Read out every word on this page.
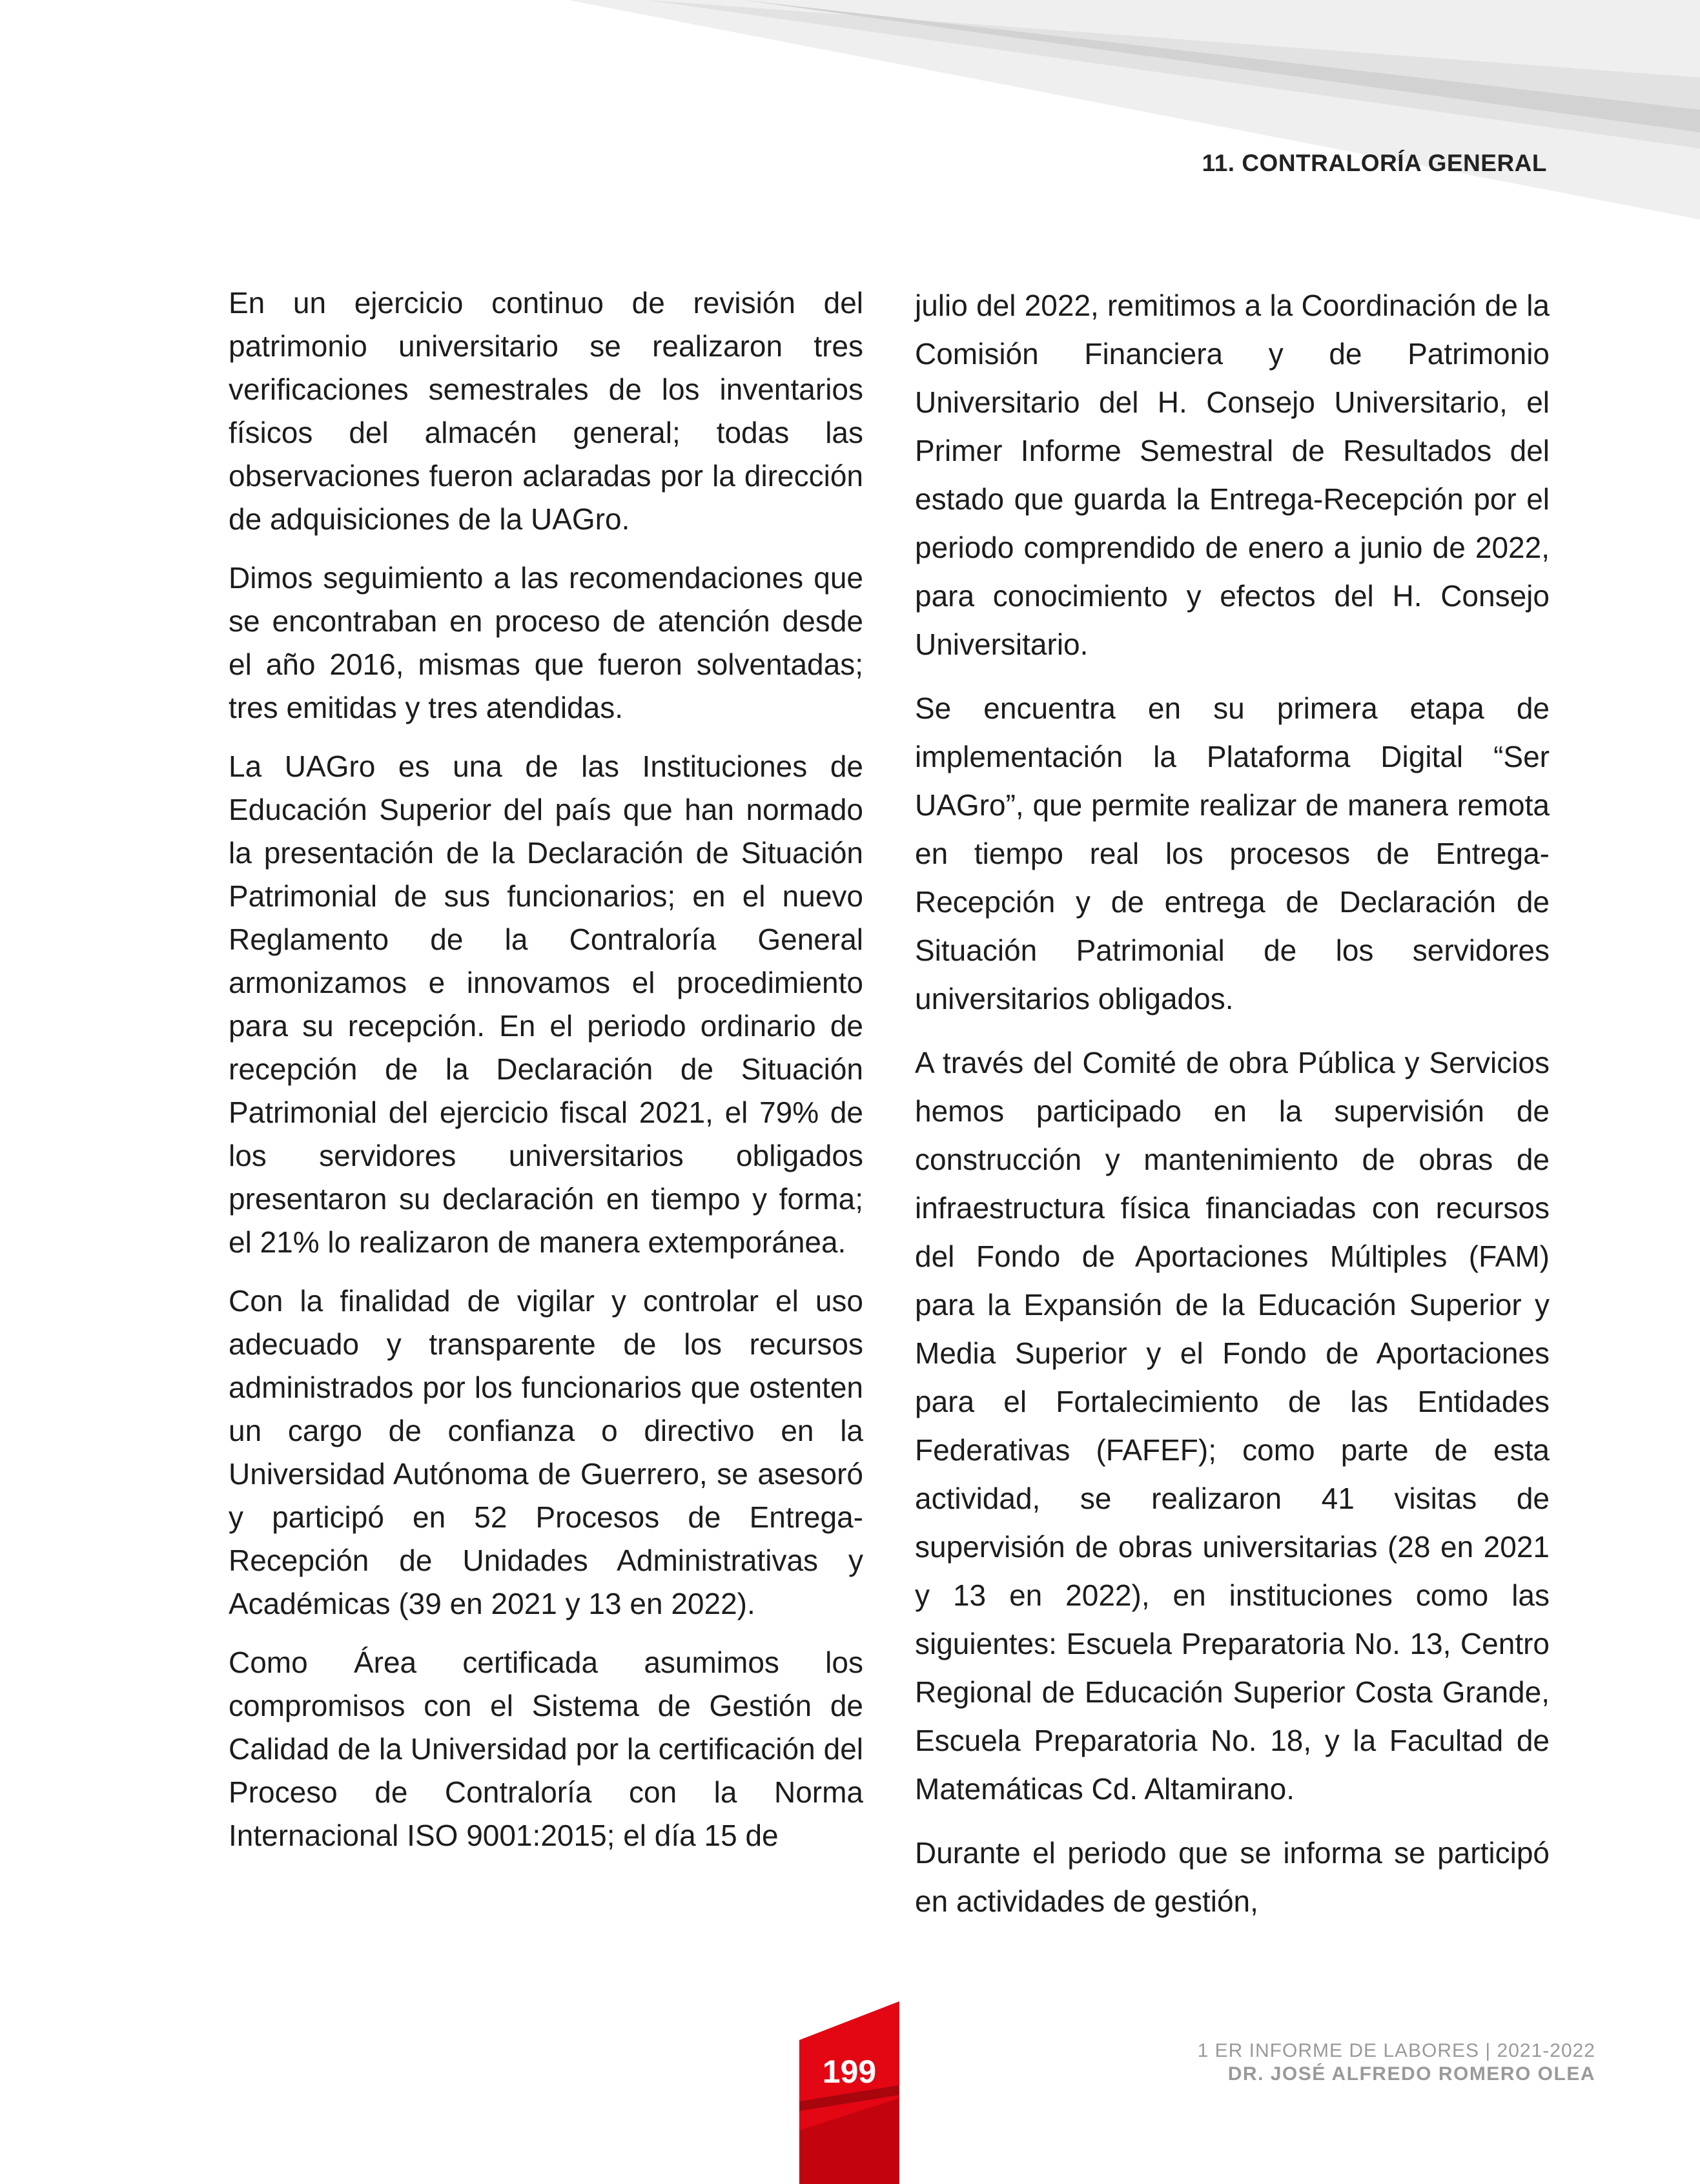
11. CONTRALORÍA GENERAL

En un ejercicio continuo de revisión del patrimonio universitario se realizaron tres verificaciones semestrales de los inventarios físicos del almacén general; todas las observaciones fueron aclaradas por la dirección de adquisiciones de la UAGro.

Dimos seguimiento a las recomendaciones que se encontraban en proceso de atención desde el año 2016, mismas que fueron solventadas; tres emitidas y tres atendidas.

La UAGro es una de las Instituciones de Educación Superior del país que han normado la presentación de la Declaración de Situación Patrimonial de sus funcionarios; en el nuevo Reglamento de la Contraloría General armonizamos e innovamos el procedimiento para su recepción. En el periodo ordinario de recepción de la Declaración de Situación Patrimonial del ejercicio fiscal 2021, el 79% de los servidores universitarios obligados presentaron su declaración en tiempo y forma; el 21% lo realizaron de manera extemporánea.

Con la finalidad de vigilar y controlar el uso adecuado y transparente de los recursos administrados por los funcionarios que ostenten un cargo de confianza o directivo en la Universidad Autónoma de Guerrero, se asesoró y participó en 52 Procesos de Entrega-Recepción de Unidades Administrativas y Académicas (39 en 2021 y 13 en 2022).

Como Área certificada asumimos los compromisos con el Sistema de Gestión de Calidad de la Universidad por la certificación del Proceso de Contraloría con la Norma Internacional ISO 9001:2015; el día 15 de

julio del 2022, remitimos a la Coordinación de la Comisión Financiera y de Patrimonio Universitario del H. Consejo Universitario, el Primer Informe Semestral de Resultados del estado que guarda la Entrega-Recepción por el periodo comprendido de enero a junio de 2022, para conocimiento y efectos del H. Consejo Universitario.

Se encuentra en su primera etapa de implementación la Plataforma Digital “Ser UAGro”, que permite realizar de manera remota en tiempo real los procesos de Entrega-Recepción y de entrega de Declaración de Situación Patrimonial de los servidores universitarios obligados.

A través del Comité de obra Pública y Servicios hemos participado en la supervisión de construcción y mantenimiento de obras de infraestructura física financiadas con recursos del Fondo de Aportaciones Múltiples (FAM) para la Expansión de la Educación Superior y Media Superior y el Fondo de Aportaciones para el Fortalecimiento de las Entidades Federativas (FAFEF); como parte de esta actividad, se realizaron 41 visitas de supervisión de obras universitarias (28 en 2021 y 13 en 2022), en instituciones como las siguientes: Escuela Preparatoria No. 13, Centro Regional de Educación Superior Costa Grande, Escuela Preparatoria No. 18, y la Facultad de Matemáticas Cd. Altamirano.

Durante el periodo que se informa se participó en actividades de gestión,

199
1 ER INFORME DE LABORES | 2021-2022
DR. JOSÉ ALFREDO ROMERO OLEA
